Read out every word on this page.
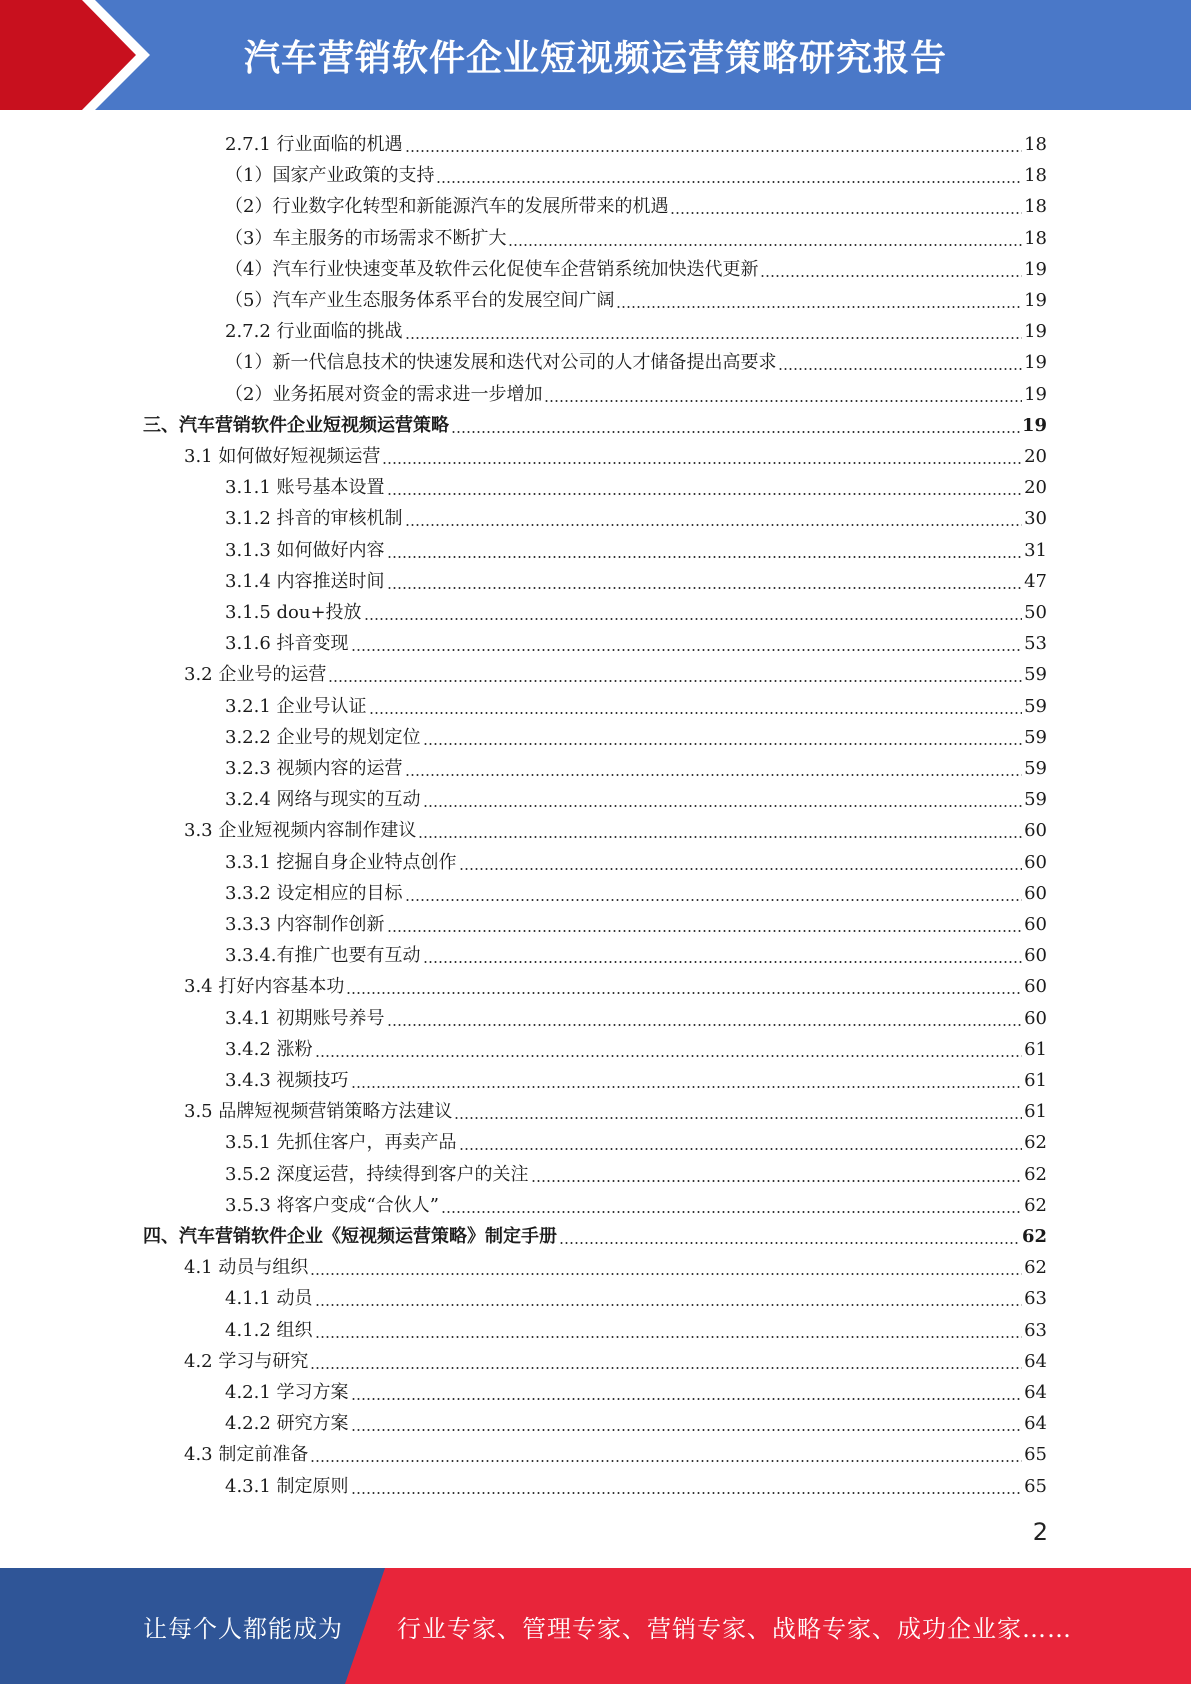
汽车营销软件企业短视频运营策略研究报告
2.7.1 行业面临的机遇	18
（1）国家产业政策的支持	18
（2）行业数字化转型和新能源汽车的发展所带来的机遇	18
（3）车主服务的市场需求不断扩大	18
（4）汽车行业快速变革及软件云化促使车企营销系统加快迭代更新	19
（5）汽车产业生态服务体系平台的发展空间广阔	19
2.7.2 行业面临的挑战	19
（1）新一代信息技术的快速发展和迭代对公司的人才储备提出高要求	19
（2）业务拓展对资金的需求进一步增加	19
三、汽车营销软件企业短视频运营策略	19
3.1 如何做好短视频运营	20
3.1.1 账号基本设置	20
3.1.2 抖音的审核机制	30
3.1.3 如何做好内容	31
3.1.4 内容推送时间	47
3.1.5 dou+投放	50
3.1.6 抖音变现	53
3.2 企业号的运营	59
3.2.1 企业号认证	59
3.2.2 企业号的规划定位	59
3.2.3 视频内容的运营	59
3.2.4 网络与现实的互动	59
3.3 企业短视频内容制作建议	60
3.3.1 挖掘自身企业特点创作	60
3.3.2 设定相应的目标	60
3.3.3 内容制作创新	60
3.3.4.有推广也要有互动	60
3.4 打好内容基本功	60
3.4.1 初期账号养号	60
3.4.2 涨粉	61
3.4.3 视频技巧	61
3.5 品牌短视频营销策略方法建议	61
3.5.1 先抓住客户，再卖产品	62
3.5.2 深度运营，持续得到客户的关注	62
3.5.3 将客户变成“合伙人”	62
四、汽车营销软件企业《短视频运营策略》制定手册	62
4.1 动员与组织	62
4.1.1 动员	63
4.1.2 组织	63
4.2 学习与研究	64
4.2.1 学习方案	64
4.2.2 研究方案	64
4.3 制定前准备	65
4.3.1 制定原则	65
2
让每个人都能成为 行业专家、管理专家、营销专家、战略专家、成功企业家……
